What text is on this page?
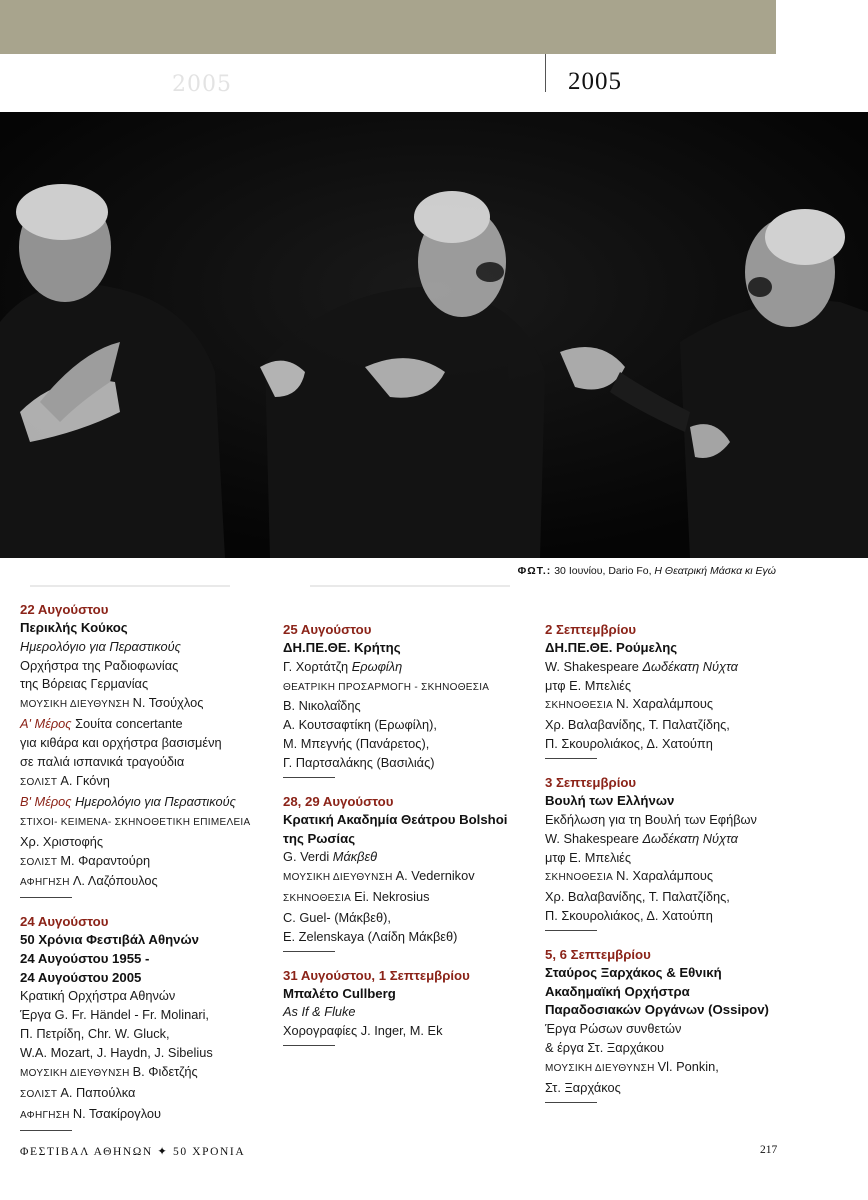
2005	2005
ΦΩΤ.: 30 Ιουνίου, Dario Fo, Η Θεατρική Μάσκα κι Εγώ
22 Αυγούστου
Περικλής Κούκος
Ημερολόγιο για Περαστικούς
Ορχήστρα της Ραδιοφωνίας
της Βόρειας Γερμανίας
ΜΟΥΣΙΚΗ ΔΙΕΥΘΥΝΣΗ Ν. Τσούχλος
Α' Μέρος Σουίτα concertante
για κιθάρα και ορχήστρα βασισμένη
σε παλιά ισπανικά τραγούδια
ΣΟΛΙΣΤ Α. Γκόνη
Β' Μέρος Ημερολόγιο για Περαστικούς
ΣΤΙΧΟΙ- ΚΕΙΜΕΝΑ- ΣΚΗΝΟΘΕΤΙΚΗ ΕΠΙΜΕΛΕΙΑ
Χρ. Χριστοφής
ΣΟΛΙΣΤ Μ. Φαραντούρη
ΑΦΗΓΗΣΗ Λ. Λαζόπουλος
24 Αυγούστου
50 Χρόνια Φεστιβάλ Αθηνών
24 Αυγούστου 1955 -
24 Αυγούστου 2005
Κρατική Ορχήστρα Αθηνών
Έργα G. Fr. Händel - Fr. Molinari,
Π. Πετρίδη, Chr. W. Gluck,
W.A. Mozart, J. Haydn, J. Sibelius
ΜΟΥΣΙΚΗ ΔΙΕΥΘΥΝΣΗ Β. Φιδετζής
ΣΟΛΙΣΤ Α. Παπούλκα
ΑΦΗΓΗΣΗ Ν. Τσακίρογλου
25 Αυγούστου
ΔΗ.ΠΕ.ΘΕ. Κρήτης
Γ. Χορτάτζη Ερωφίλη
ΘΕΑΤΡΙΚΗ ΠΡΟΣΑΡΜΟΓΗ - ΣΚΗΝΟΘΕΣΙΑ
Β. Νικολαΐδης
Α. Κουτσαφτίκη (Ερωφίλη),
Μ. Μπεγνής (Πανάρετος),
Γ. Παρτσαλάκης (Βασιλιάς)
28, 29 Αυγούστου
Κρατική Ακαδημία Θεάτρου Bolshoi
της Ρωσίας
G. Verdi Μάκβεθ
ΜΟΥΣΙΚΗ ΔΙΕΥΘΥΝΣΗ A. Vedernikov
ΣΚΗΝΟΘΕΣΙΑ Ei. Nekrosius
C. Guel- (Μάκβεθ),
E. Zelenskaya (Λαίδη Μάκβεθ)
31 Αυγούστου, 1 Σεπτεμβρίου
Μπαλέτο Cullberg
As If & Fluke
Χορογραφίες J. Inger, M. Ek
2 Σεπτεμβρίου
ΔΗ.ΠΕ.ΘΕ. Ρούμελης
W. Shakespeare Δωδέκατη Νύχτα
μτφ Ε. Μπελιές
ΣΚΗΝΟΘΕΣΙΑ Ν. Χαραλάμπους
Χρ. Βαλαβανίδης, Τ. Παλατζίδης,
Π. Σκουρολιάκος, Δ. Χατούπη
3 Σεπτεμβρίου
Βουλή των Ελλήνων
Εκδήλωση για τη Βουλή των Εφήβων
W. Shakespeare Δωδέκατη Νύχτα
μτφ Ε. Μπελιές
ΣΚΗΝΟΘΕΣΙΑ Ν. Χαραλάμπους
Χρ. Βαλαβανίδης, Τ. Παλατζίδης,
Π. Σκουρολιάκος, Δ. Χατούπη
5, 6 Σεπτεμβρίου
Σταύρος Ξαρχάκος & Εθνική
Ακαδημαϊκή Ορχήστρα
Παραδοσιακών Οργάνων (Ossipov)
Έργα Ρώσων συνθετών
& έργα Στ. Ξαρχάκου
ΜΟΥΣΙΚΗ ΔΙΕΥΘΥΝΣΗ Vl. Ponkin,
Στ. Ξαρχάκος
ΦΕΣΤΙΒΑΛ ΑΘΗΝΩΝ ✦ 50 ΧΡΟΝΙΑ	217
